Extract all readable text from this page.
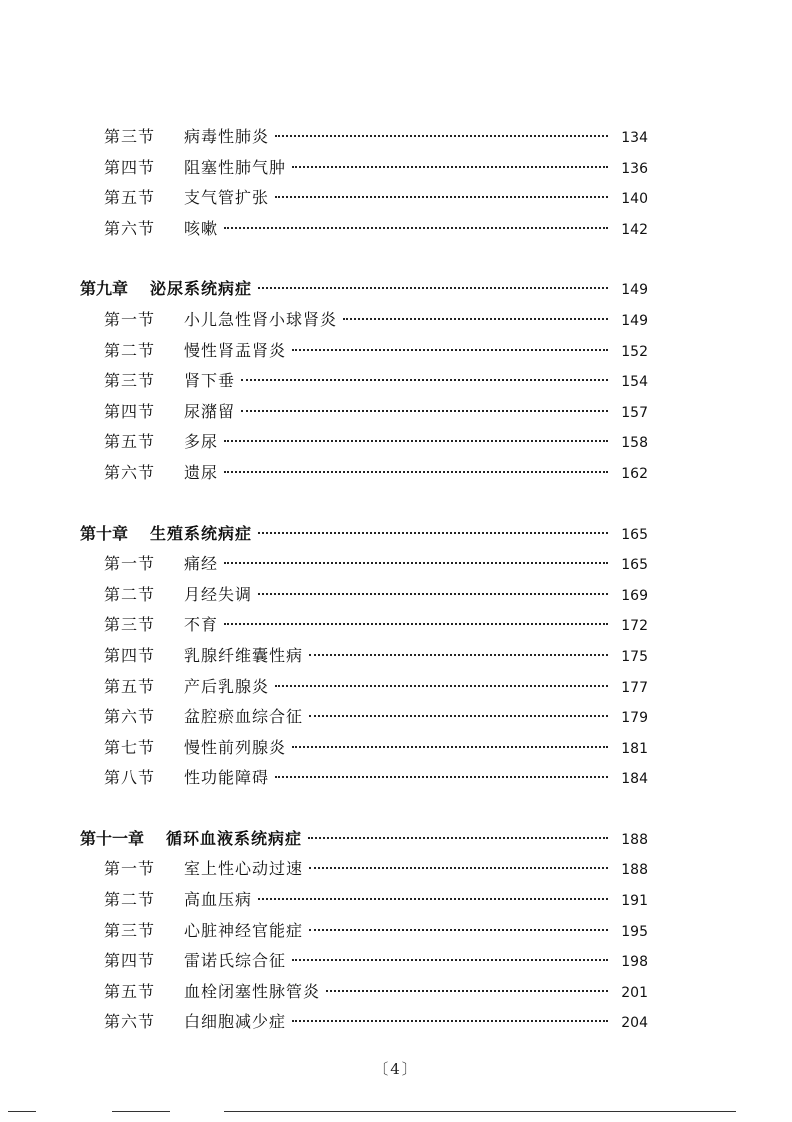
第三节	病毒性肺炎	134
第四节	阻塞性肺气肿	136
第五节	支气管扩张	140
第六节	咳嗽	142
第九章 泌尿系统病症	149
第一节	小儿急性肾小球肾炎	149
第二节	慢性肾盂肾炎	152
第三节	肾下垂	154
第四节	尿潴留	157
第五节	多尿	158
第六节	遗尿	162
第十章 生殖系统病症	165
第一节	痛经	165
第二节	月经失调	169
第三节	不育	172
第四节	乳腺纤维囊性病	175
第五节	产后乳腺炎	177
第六节	盆腔瘀血综合征	179
第七节	慢性前列腺炎	181
第八节	性功能障碍	184
第十一章 循环血液系统病症	188
第一节	室上性心动过速	188
第二节	高血压病	191
第三节	心脏神经官能症	195
第四节	雷诺氏综合征	198
第五节	血栓闭塞性脉管炎	201
第六节	白细胞减少症	204
〔4〕
